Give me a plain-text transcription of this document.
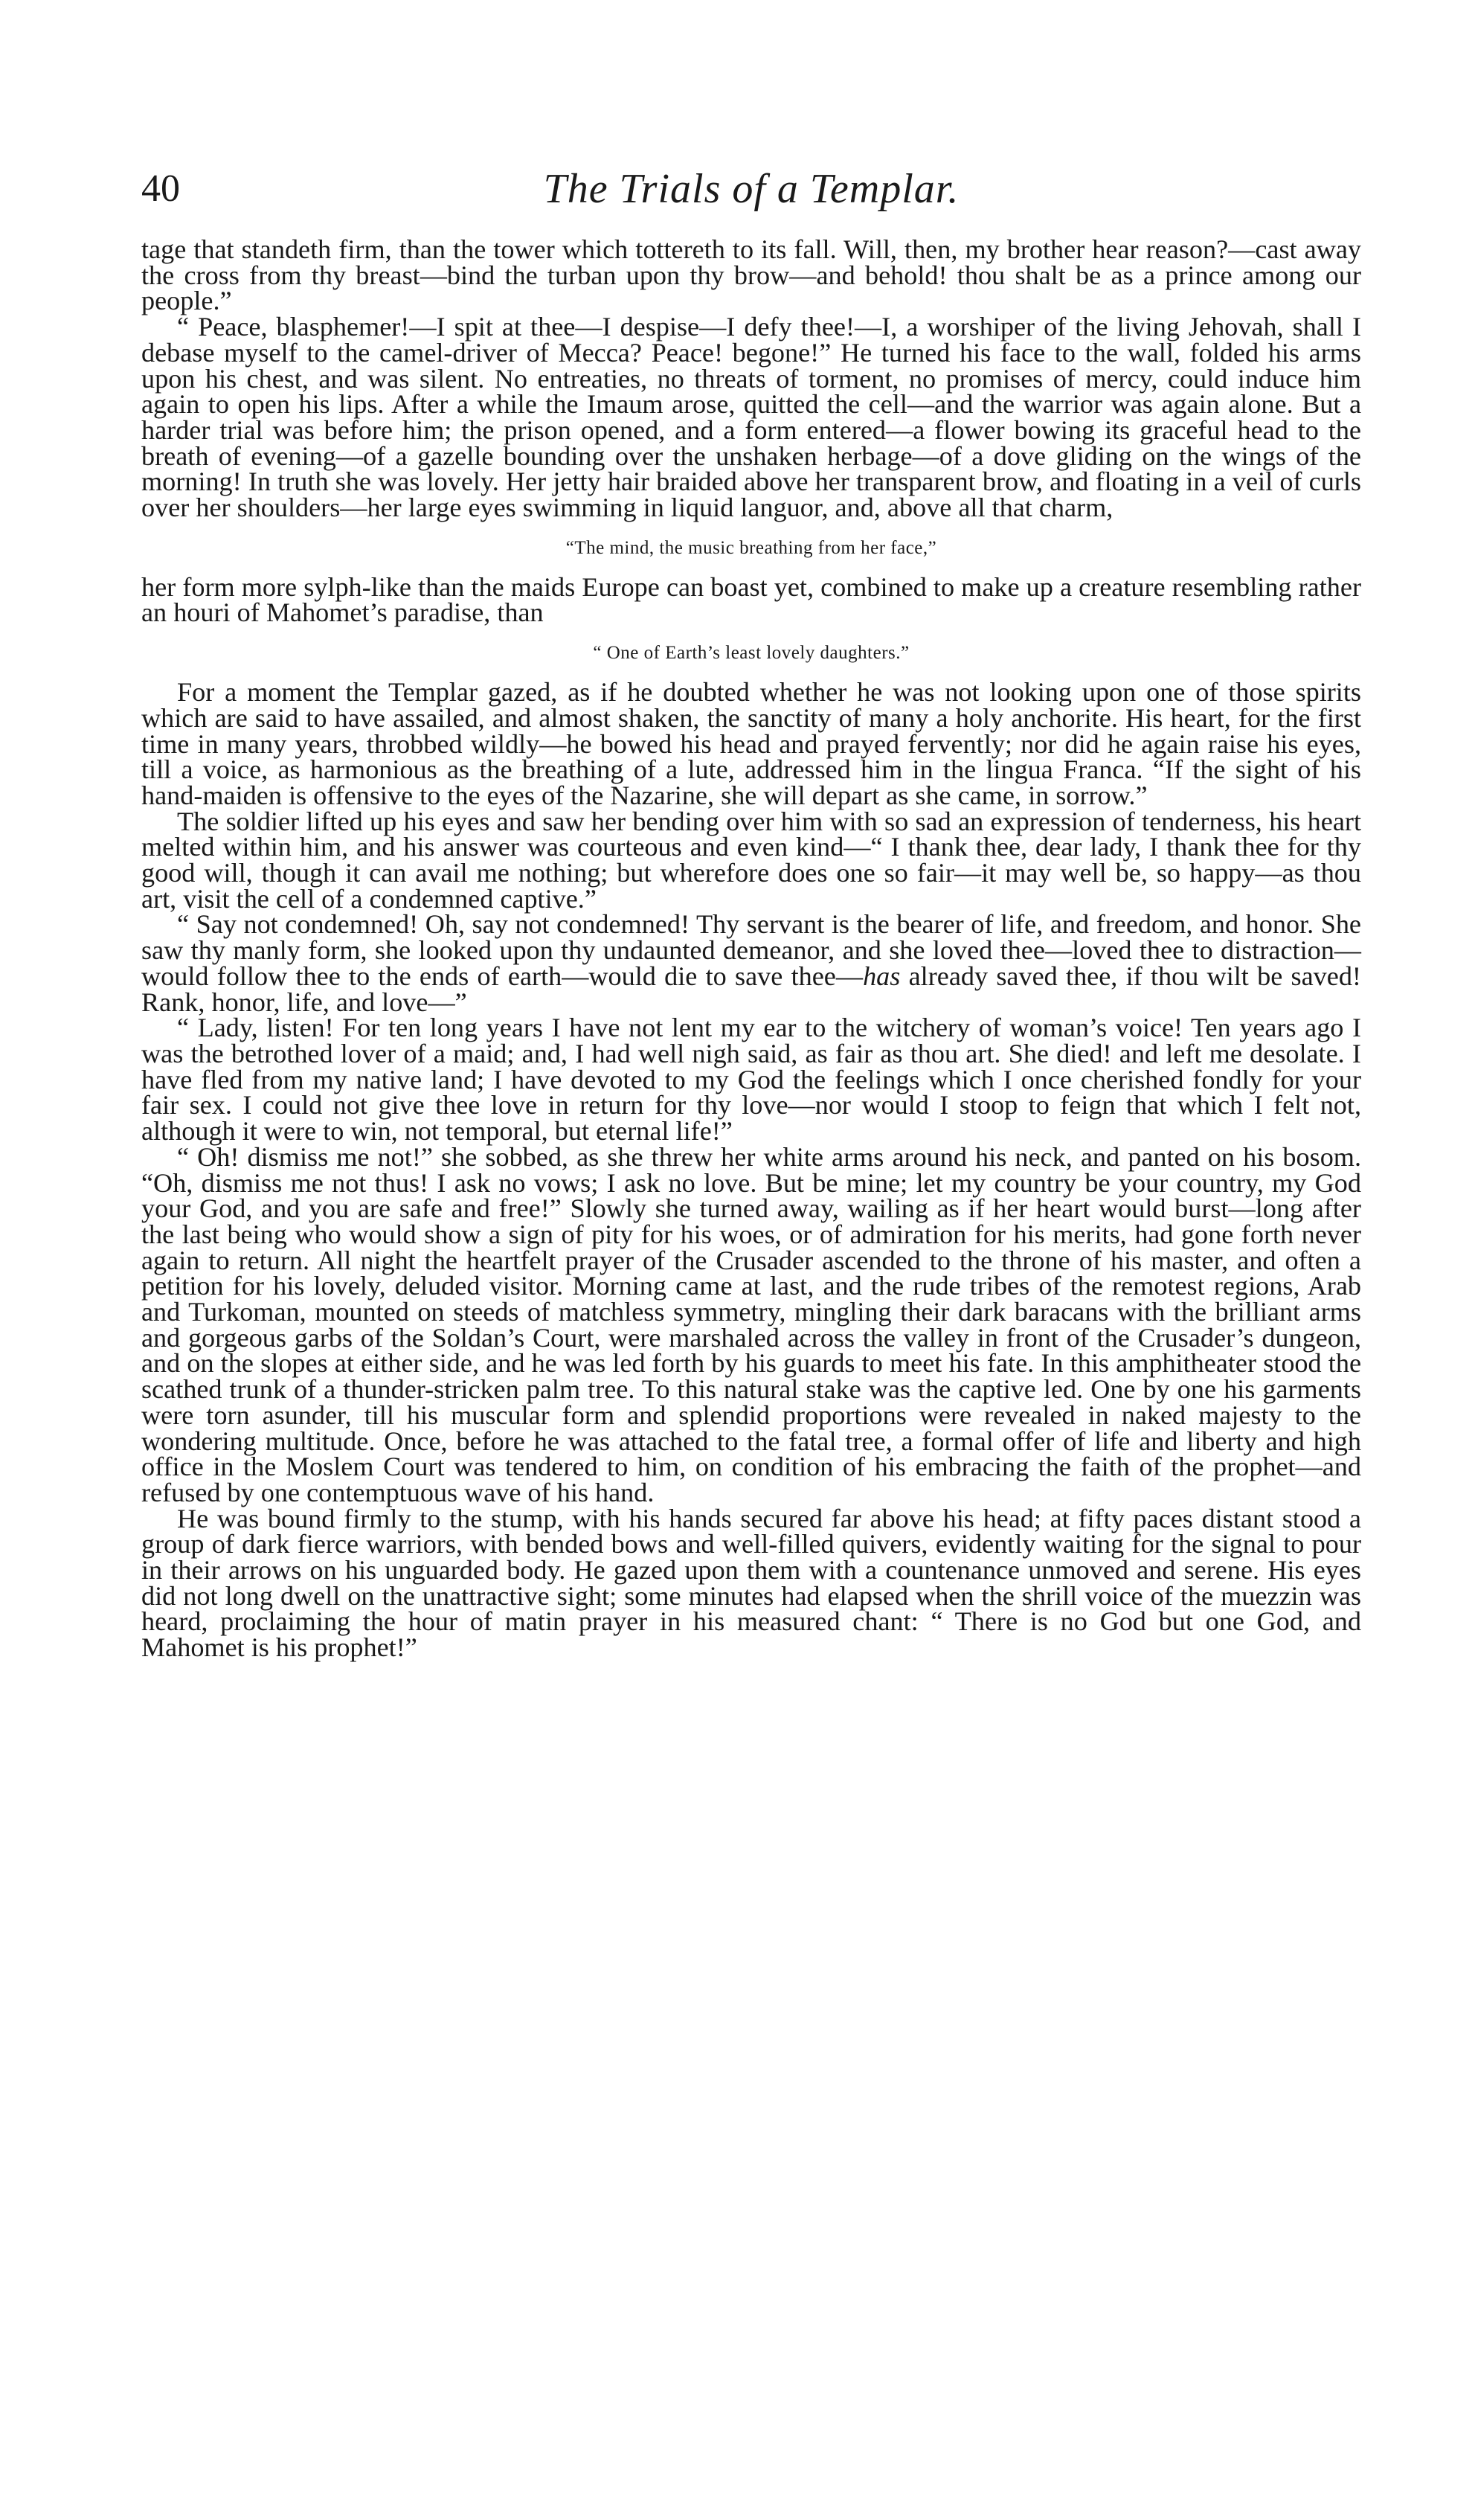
40	The Trials of a Templar.

tage that standeth firm, than the tower which tottereth to its fall. Will, then, my brother hear reason?—cast away the cross from thy breast—bind the turban upon thy brow—and behold! thou shalt be as a prince among our people.”

“ Peace, blasphemer!—I spit at thee—I despise—I defy thee!—I, a worshiper of the living Jehovah, shall I debase myself to the camel-driver of Mecca? Peace! begone!” He turned his face to the wall, folded his arms upon his chest, and was silent. No entreaties, no threats of torment, no promises of mercy, could induce him again to open his lips. After a while the Imaum arose, quitted the cell—and the warrior was again alone. But a harder trial was before him; the prison opened, and a form entered—a flower bowing its graceful head to the breath of evening—of a gazelle bounding over the unshaken herbage—of a dove gliding on the wings of the morning! In truth she was lovely. Her jetty hair braided above her transparent brow, and floating in a veil of curls over her shoulders—her large eyes swimming in liquid languor, and, above all that charm,

“The mind, the music breathing from her face,”

her form more sylph-like than the maids Europe can boast yet, combined to make up a creature resembling rather an houri of Mahomet’s paradise, than

“ One of Earth’s least lovely daughters.”

For a moment the Templar gazed, as if he doubted whether he was not looking upon one of those spirits which are said to have assailed, and almost shaken, the sanctity of many a holy anchorite. His heart, for the first time in many years, throbbed wildly—he bowed his head and prayed fervently; nor did he again raise his eyes, till a voice, as harmonious as the breathing of a lute, addressed him in the lingua Franca. “If the sight of his hand-maiden is offensive to the eyes of the Nazarine, she will depart as she came, in sorrow.”

The soldier lifted up his eyes and saw her bending over him with so sad an expression of tenderness, his heart melted within him, and his answer was courteous and even kind—“ I thank thee, dear lady, I thank thee for thy good will, though it can avail me nothing; but wherefore does one so fair—it may well be, so happy—as thou art, visit the cell of a condemned captive.”

“ Say not condemned! Oh, say not condemned! Thy servant is the bearer of life, and freedom, and honor. She saw thy manly form, she looked upon thy undaunted demeanor, and she loved thee—loved thee to distraction—would follow thee to the ends of earth—would die to save thee—has already saved thee, if thou wilt be saved! Rank, honor, life, and love—”

“ Lady, listen! For ten long years I have not lent my ear to the witchery of woman’s voice! Ten years ago I was the betrothed lover of a maid; and, I had well nigh said, as fair as thou art. She died! and left me desolate. I have fled from my native land; I have devoted to my God the feelings which I once cherished fondly for your fair sex. I could not give thee love in return for thy love—nor would I stoop to feign that which I felt not, although it were to win, not temporal, but eternal life!”

“ Oh! dismiss me not!” she sobbed, as she threw her white arms around his neck, and panted on his bosom. “Oh, dismiss me not thus! I ask no vows; I ask no love. But be mine; let my country be your country, my God your God, and you are safe and free!” Slowly she turned away, wailing as if her heart would burst—long after the last being who would show a sign of pity for his woes, or of admiration for his merits, had gone forth never again to return. All night the heartfelt prayer of the Crusader ascended to the throne of his master, and often a petition for his lovely, deluded visitor. Morning came at last, and the rude tribes of the remotest regions, Arab and Turkoman, mounted on steeds of matchless symmetry, mingling their dark baracans with the brilliant arms and gorgeous garbs of the Soldan’s Court, were marshaled across the valley in front of the Crusader’s dungeon, and on the slopes at either side, and he was led forth by his guards to meet his fate. In this amphitheater stood the scathed trunk of a thunder-stricken palm tree. To this natural stake was the captive led. One by one his garments were torn asunder, till his muscular form and splendid proportions were revealed in naked majesty to the wondering multitude. Once, before he was attached to the fatal tree, a formal offer of life and liberty and high office in the Moslem Court was tendered to him, on condition of his embracing the faith of the prophet—and refused by one contemptuous wave of his hand.

He was bound firmly to the stump, with his hands secured far above his head; at fifty paces distant stood a group of dark fierce warriors, with bended bows and well-filled quivers, evidently waiting for the signal to pour in their arrows on his unguarded body. He gazed upon them with a countenance unmoved and serene. His eyes did not long dwell on the unattractive sight; some minutes had elapsed when the shrill voice of the muezzin was heard, proclaiming the hour of matin prayer in his measured chant: “ There is no God but one God, and Mahomet is his prophet!”
